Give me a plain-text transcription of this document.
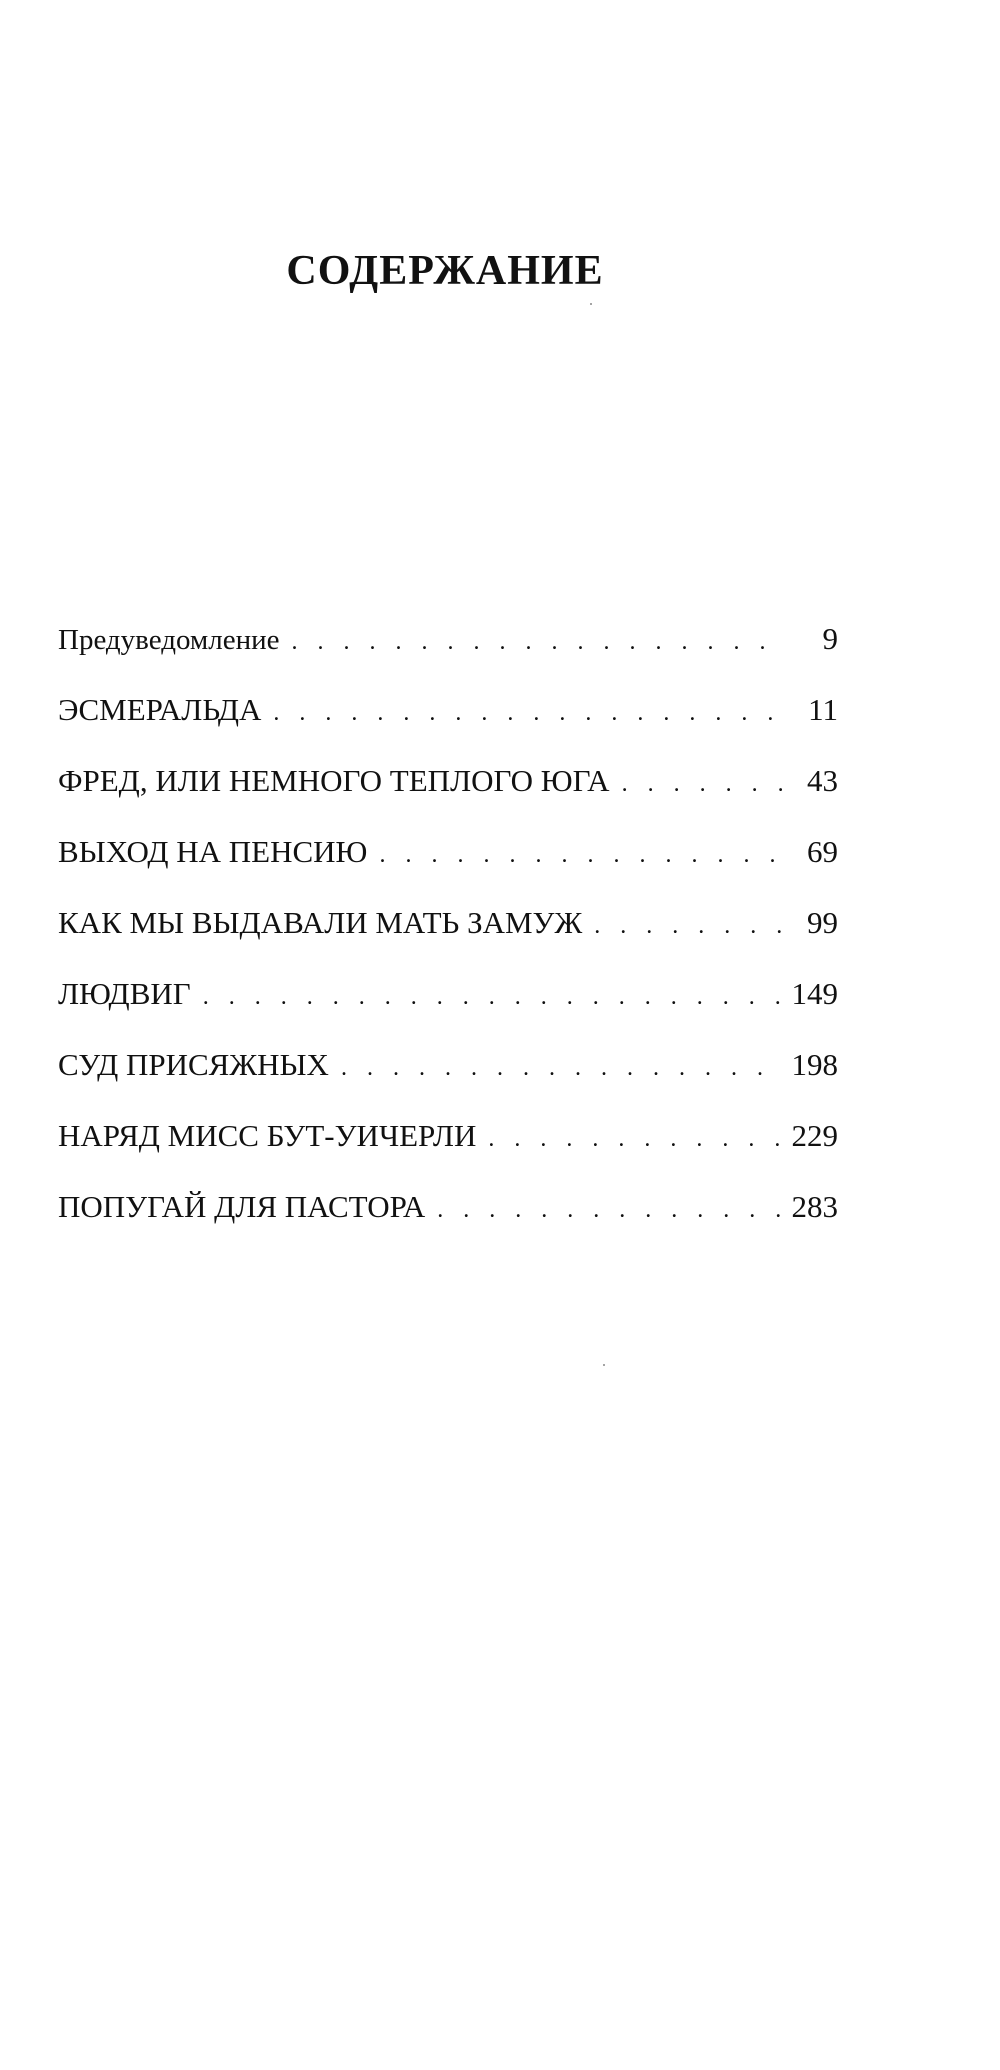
СОДЕРЖАНИЕ
Предуведомление . . .	9
ЭСМЕРАЛЬДА . . .	11
ФРЕД, ИЛИ НЕМНОГО ТЕПЛОГО ЮГА . . .	43
ВЫХОД НА ПЕНСИЮ . . .	69
КАК МЫ ВЫДАВАЛИ МАТЬ ЗАМУЖ . . .	99
ЛЮДВИГ . . .	149
СУД ПРИСЯЖНЫХ . . .	198
НАРЯД МИСС БУТ-УИЧЕРЛИ . . .	229
ПОПУГАЙ ДЛЯ ПАСТОРА . . .	283
